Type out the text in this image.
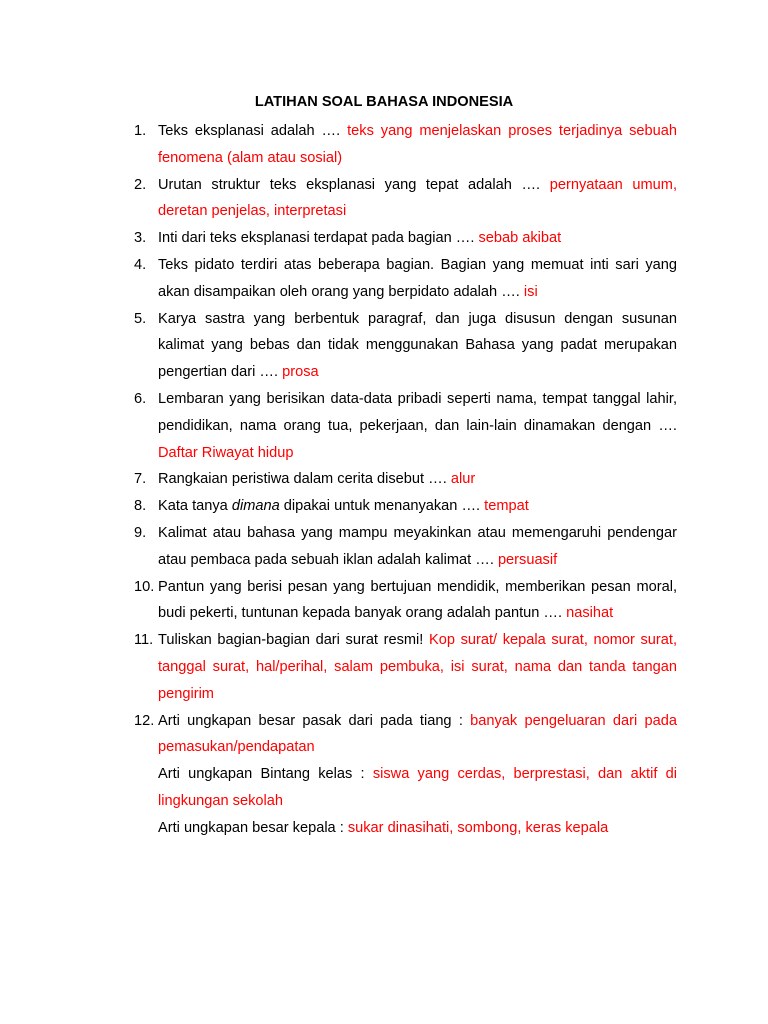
LATIHAN SOAL BAHASA INDONESIA
1. Teks eksplanasi adalah …. teks yang menjelaskan proses terjadinya sebuah fenomena (alam atau sosial)
2. Urutan struktur teks eksplanasi yang tepat adalah …. pernyataan umum, deretan penjelas, interpretasi
3. Inti dari teks eksplanasi terdapat pada bagian …. sebab akibat
4. Teks pidato terdiri atas beberapa bagian. Bagian yang memuat inti sari yang akan disampaikan oleh orang yang berpidato adalah …. isi
5. Karya sastra yang berbentuk paragraf, dan juga disusun dengan susunan kalimat yang bebas dan tidak menggunakan Bahasa yang padat merupakan pengertian dari …. prosa
6. Lembaran yang berisikan data-data pribadi seperti nama, tempat tanggal lahir, pendidikan, nama orang tua, pekerjaan, dan lain-lain dinamakan dengan …. Daftar Riwayat hidup
7. Rangkaian peristiwa dalam cerita disebut …. alur
8. Kata tanya dimana dipakai untuk menanyakan …. tempat
9. Kalimat atau bahasa yang mampu meyakinkan atau memengaruhi pendengar atau pembaca pada sebuah iklan adalah kalimat …. persuasif
10. Pantun yang berisi pesan yang bertujuan mendidik, memberikan pesan moral, budi pekerti, tuntunan kepada banyak orang adalah pantun …. nasihat
11. Tuliskan bagian-bagian dari surat resmi! Kop surat/ kepala surat, nomor surat, tanggal surat, hal/perihal, salam pembuka, isi surat, nama dan tanda tangan pengirim
12. Arti ungkapan besar pasak dari pada tiang : banyak pengeluaran dari pada pemasukan/pendapatan
Arti ungkapan Bintang kelas : siswa yang cerdas, berprestasi, dan aktif di lingkungan sekolah
Arti ungkapan besar kepala : sukar dinasihati, sombong, keras kepala
